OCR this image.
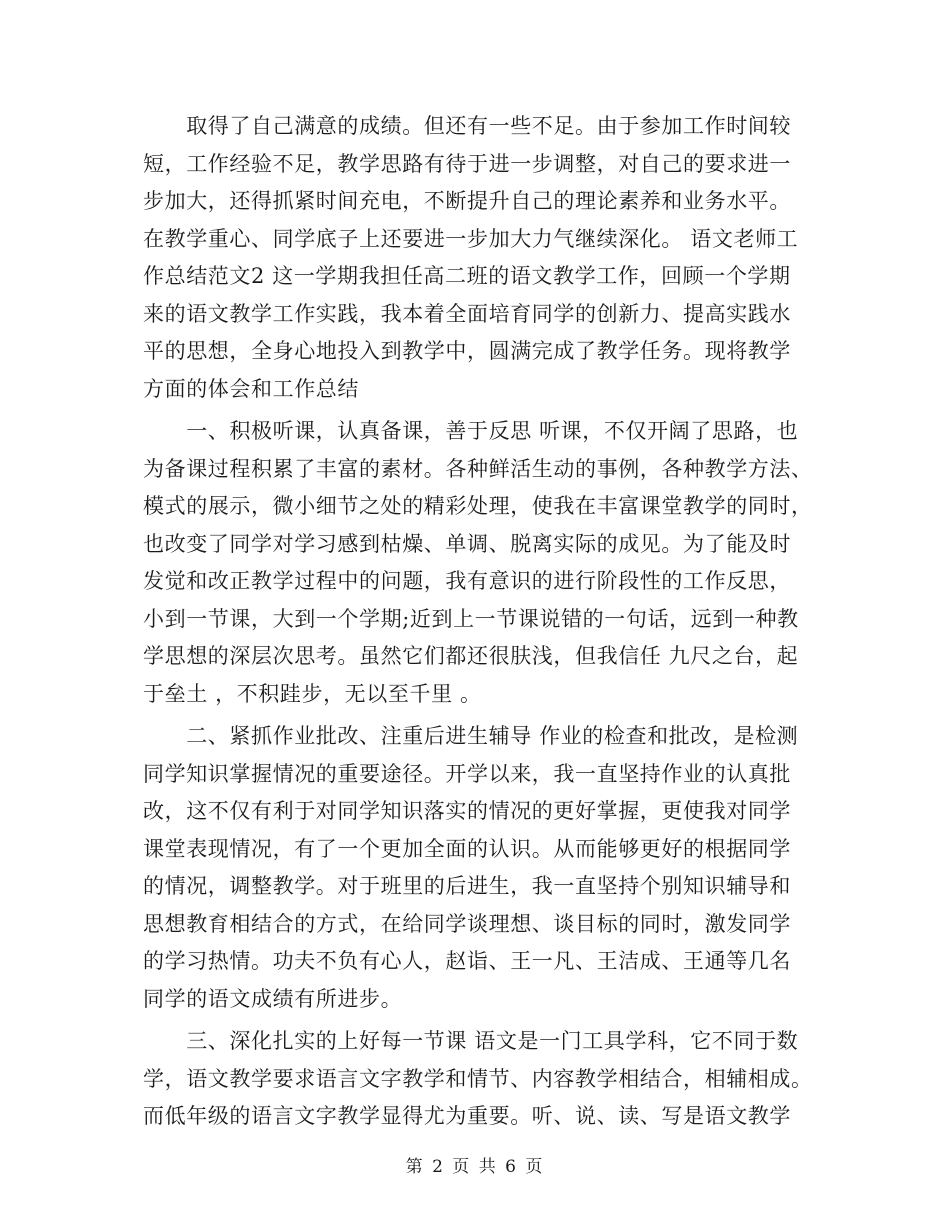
　　取得了自己满意的成绩。但还有一些不足。由于参加工作时间较
短，工作经验不足，教学思路有待于进一步调整，对自己的要求进一
步加大，还得抓紧时间充电，不断提升自己的理论素养和业务水平。
在教学重心、同学底子上还要进一步加大力气继续深化。 语文老师工
作总结范文2 这一学期我担任高二班的语文教学工作，回顾一个学期
来的语文教学工作实践，我本着全面培育同学的创新力、提高实践水
平的思想，全身心地投入到教学中，圆满完成了教学任务。现将教学
方面的体会和工作总结
　　一、积极听课，认真备课，善于反思 听课，不仅开阔了思路，也
为备课过程积累了丰富的素材。各种鲜活生动的事例，各种教学方法、
模式的展示，微小细节之处的精彩处理，使我在丰富课堂教学的同时，
也改变了同学对学习感到枯燥、单调、脱离实际的成见。为了能及时
发觉和改正教学过程中的问题，我有意识的进行阶段性的工作反思，
小到一节课，大到一个学期;近到上一节课说错的一句话，远到一种教
学思想的深层次思考。虽然它们都还很肤浅，但我信任 九尺之台，起
于垒土 ，不积跬步，无以至千里 。
　　二、紧抓作业批改、注重后进生辅导 作业的检查和批改，是检测
同学知识掌握情况的重要途径。开学以来，我一直坚持作业的认真批
改，这不仅有利于对同学知识落实的情况的更好掌握，更使我对同学
课堂表现情况，有了一个更加全面的认识。从而能够更好的根据同学
的情况，调整教学。对于班里的后进生，我一直坚持个别知识辅导和
思想教育相结合的方式，在给同学谈理想、谈目标的同时，激发同学
的学习热情。功夫不负有心人，赵诣、王一凡、王洁成、王通等几名
同学的语文成绩有所进步。
　　三、深化扎实的上好每一节课 语文是一门工具学科，它不同于数
学，语文教学要求语言文字教学和情节、内容教学相结合，相辅相成。
而低年级的语言文字教学显得尤为重要。听、说、读、写是语文教学
第 2 页 共 6 页
